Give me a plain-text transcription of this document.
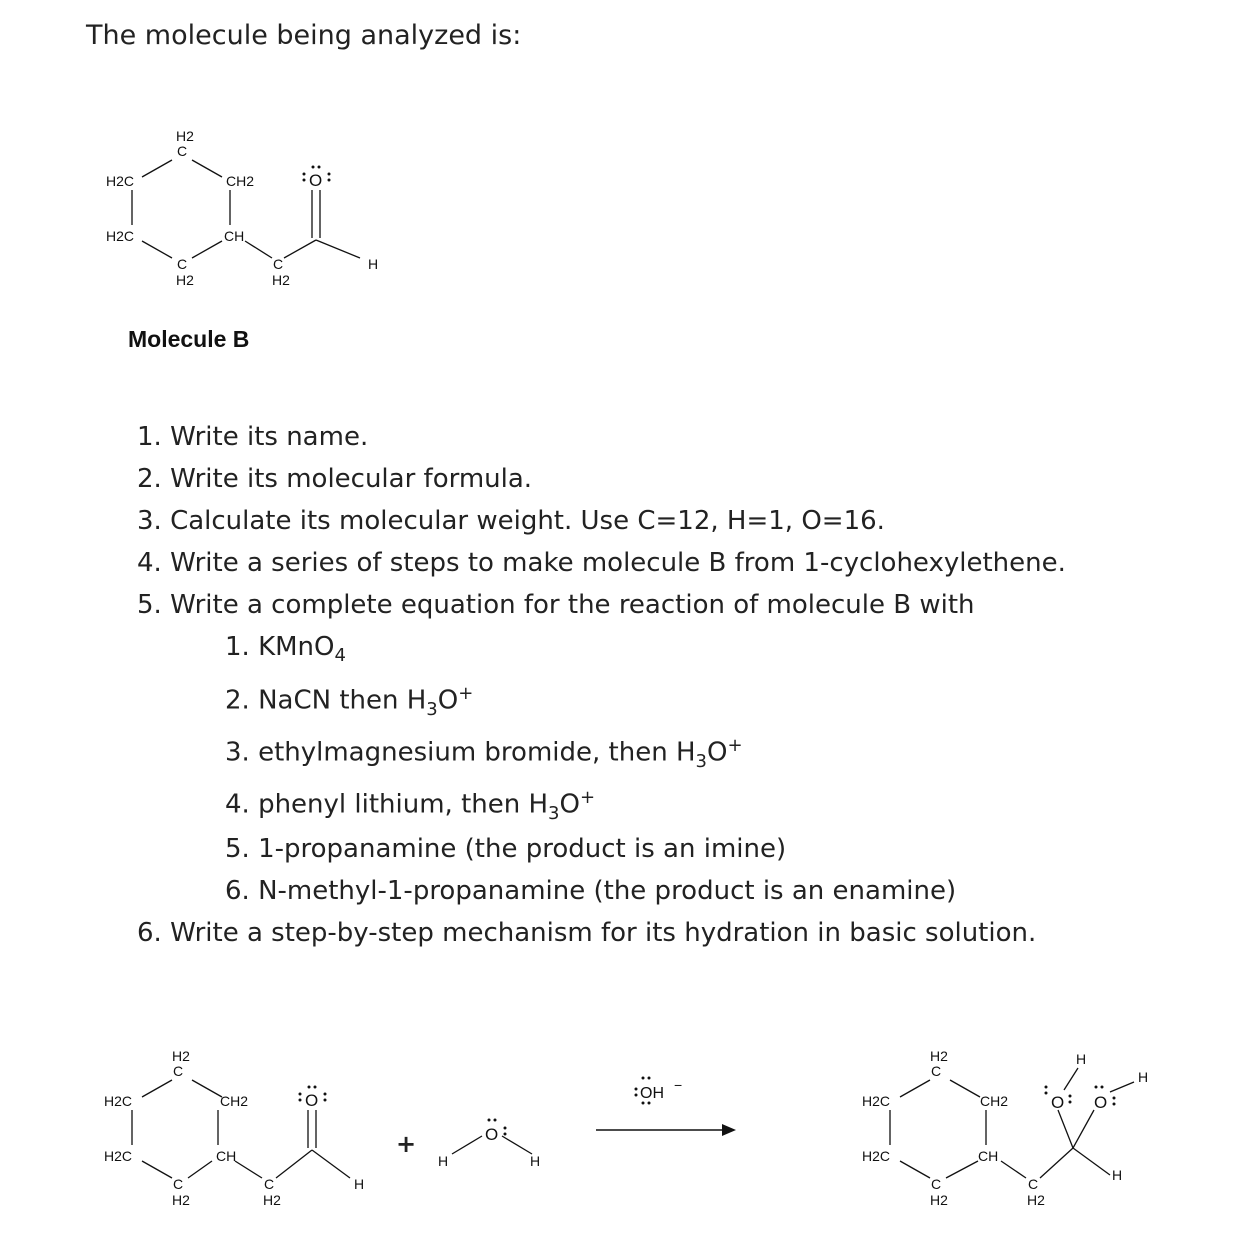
The molecule being analyzed is:
H2
C
H2C	CH2
H2C	CH
C
H2
C
H2
O
H
Molecule B
1. Write its name.
2. Write its molecular formula.
3. Calculate its molecular weight. Use C=12, H=1, O=16.
4. Write a series of steps to make molecule B from 1-cyclohexylethene.
5. Write a complete equation for the reaction of molecule B with
1. KMnO$_4$
2. NaCN then $H_3O^+$
3. ethylmagnesium bromide, then $H_3O^+$
4. phenyl lithium, then $H_3O^+$
5. 1-propanamine (the product is an imine)
6. N-methyl-1-propanamine (the product is an enamine)
6. Write a step-by-step mechanism for its hydration in basic solution.
H2
C
H2C	CH2
H2C	CH
C
H2
C
H2
O
H
+
H
O
H
OH −
H2
C
H2C	CH2
H2C	CH
C
H2
C
H2
O
H
O
H
H
